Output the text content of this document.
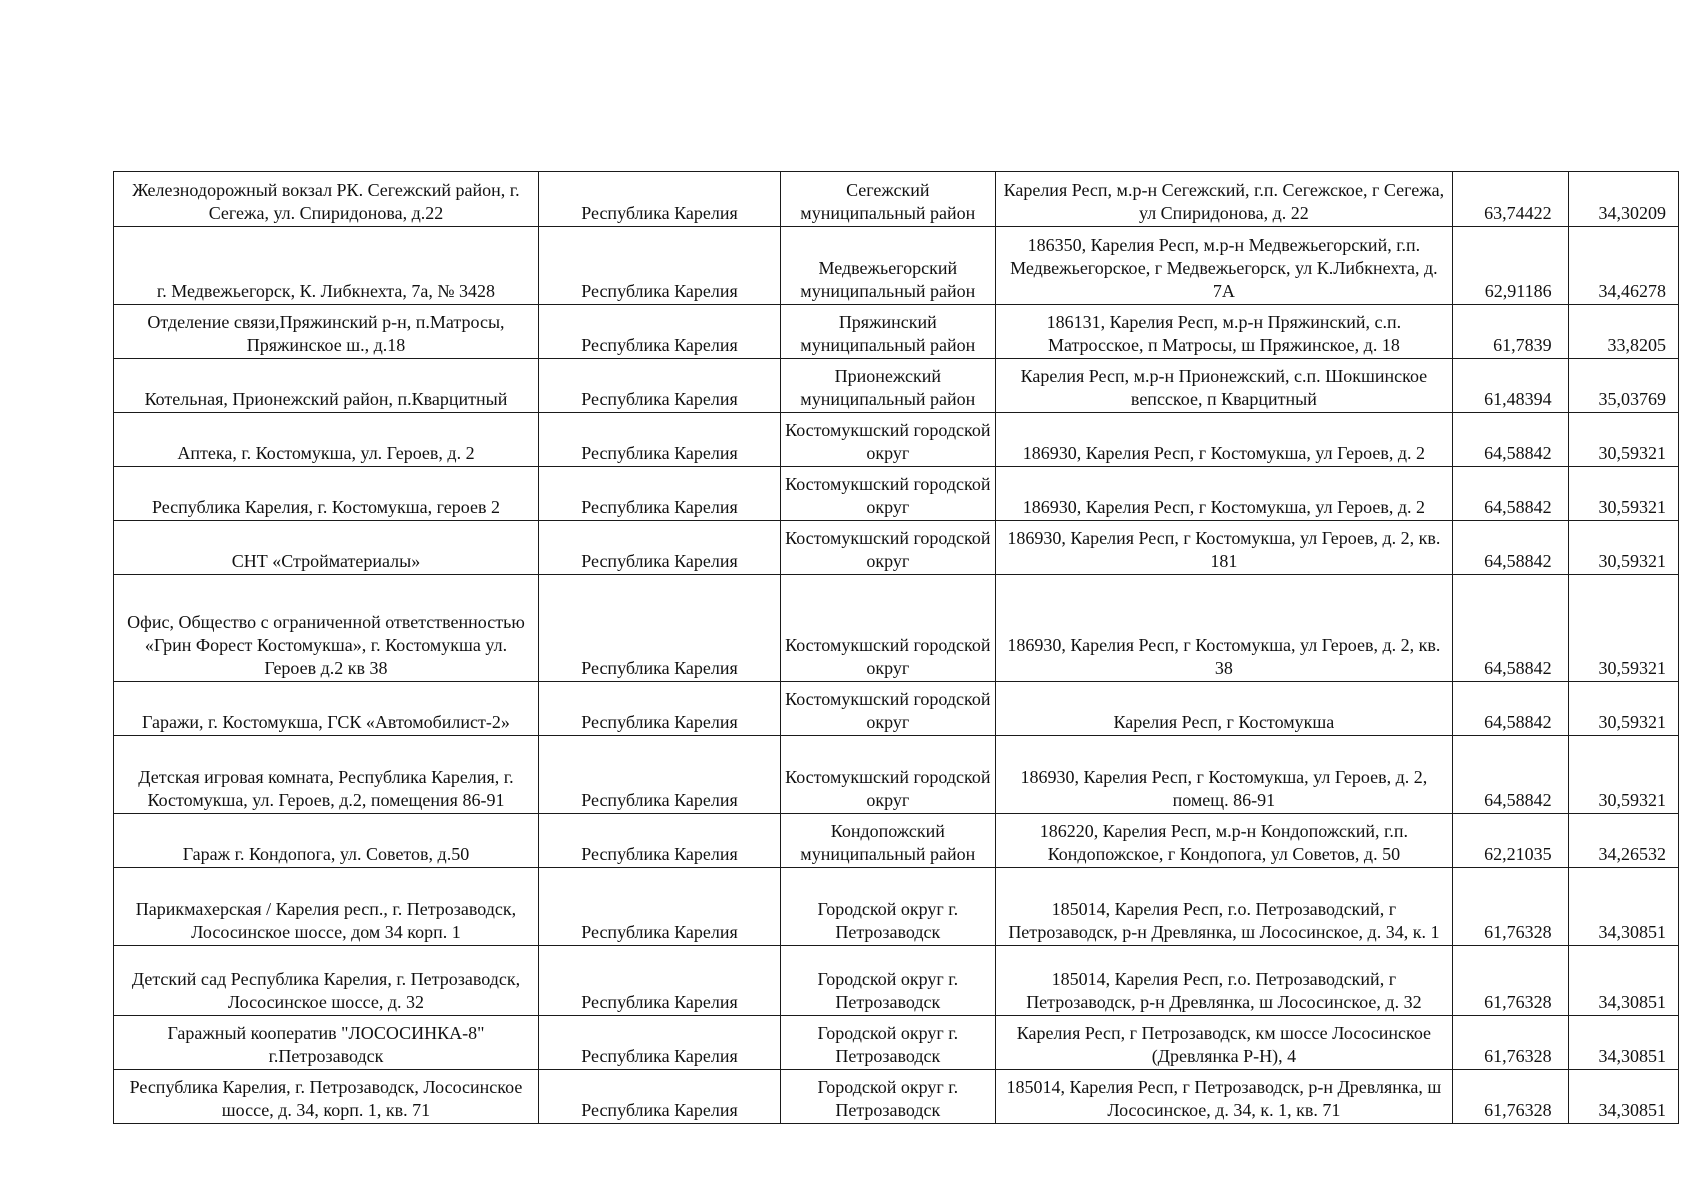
Железнодорожный вокзал РК. Сегежский район, г. Сегежа, ул. Спиридонова, д.22	Республика Карелия	Сегежский муниципальный район	Карелия Респ, м.р-н Сегежский, г.п. Сегежское, г Сегежа, ул Спиридонова, д. 22	63,74422	34,30209
г. Медвежьегорск, К. Либкнехта, 7а, № 3428	Республика Карелия	Медвежьегорский муниципальный район	186350, Карелия Респ, м.р-н Медвежьегорский, г.п. Медвежьегорское, г Медвежьегорск, ул К.Либкнехта, д. 7А	62,91186	34,46278
Отделение связи,Пряжинский р-н, п.Матросы, Пряжинское ш., д.18	Республика Карелия	Пряжинский муниципальный район	186131, Карелия Респ, м.р-н Пряжинский, с.п. Матросское, п Матросы, ш Пряжинское, д. 18	61,7839	33,8205
Котельная, Прионежский район, п.Кварцитный	Республика Карелия	Прионежский муниципальный район	Карелия Респ, м.р-н Прионежский, с.п. Шокшинское вепсское, п Кварцитный	61,48394	35,03769
Аптека, г. Костомукша, ул. Героев, д. 2	Республика Карелия	Костомукшский городской округ	186930, Карелия Респ, г Костомукша, ул Героев, д. 2	64,58842	30,59321
Республика Карелия, г. Костомукша, героев 2	Республика Карелия	Костомукшский городской округ	186930, Карелия Респ, г Костомукша, ул Героев, д. 2	64,58842	30,59321
СНТ «Стройматериалы»	Республика Карелия	Костомукшский городской округ	186930, Карелия Респ, г Костомукша, ул Героев, д. 2, кв. 181	64,58842	30,59321
Офис, Общество с ограниченной ответственностью «Грин Форест Костомукша», г. Костомукша ул. Героев д.2 кв 38	Республика Карелия	Костомукшский городской округ	186930, Карелия Респ, г Костомукша, ул Героев, д. 2, кв. 38	64,58842	30,59321
Гаражи, г. Костомукша, ГСК «Автомобилист-2»	Республика Карелия	Костомукшский городской округ	Карелия Респ, г Костомукша	64,58842	30,59321
Детская игровая комната, Республика Карелия, г. Костомукша, ул. Героев, д.2, помещения 86-91	Республика Карелия	Костомукшский городской округ	186930, Карелия Респ, г Костомукша, ул Героев, д. 2, помещ. 86-91	64,58842	30,59321
Гараж г. Кондопога, ул. Советов, д.50	Республика Карелия	Кондопожский муниципальный район	186220, Карелия Респ, м.р-н Кондопожский, г.п. Кондопожское, г Кондопога, ул Советов, д. 50	62,21035	34,26532
Парикмахерская / Карелия респ., г. Петрозаводск, Лососинское шоссе, дом 34 корп. 1	Республика Карелия	Городской округ г. Петрозаводск	185014, Карелия Респ, г.о. Петрозаводский, г Петрозаводск, р-н Древлянка, ш Лососинское, д. 34, к. 1	61,76328	34,30851
Детский сад Республика Карелия, г. Петрозаводск, Лососинское шоссе, д. 32	Республика Карелия	Городской округ г. Петрозаводск	185014, Карелия Респ, г.о. Петрозаводский, г Петрозаводск, р-н Древлянка, ш Лососинское, д. 32	61,76328	34,30851
Гаражный кооператив "ЛОСОСИНКА-8" г.Петрозаводск	Республика Карелия	Городской округ г. Петрозаводск	Карелия Респ, г Петрозаводск, км шоссе Лососинское (Древлянка Р-Н), 4	61,76328	34,30851
Республика Карелия, г. Петрозаводск, Лососинское шоссе, д. 34, корп. 1, кв. 71	Республика Карелия	Городской округ г. Петрозаводск	185014, Карелия Респ, г Петрозаводск, р-н Древлянка, ш Лососинское, д. 34, к. 1, кв. 71	61,76328	34,30851
